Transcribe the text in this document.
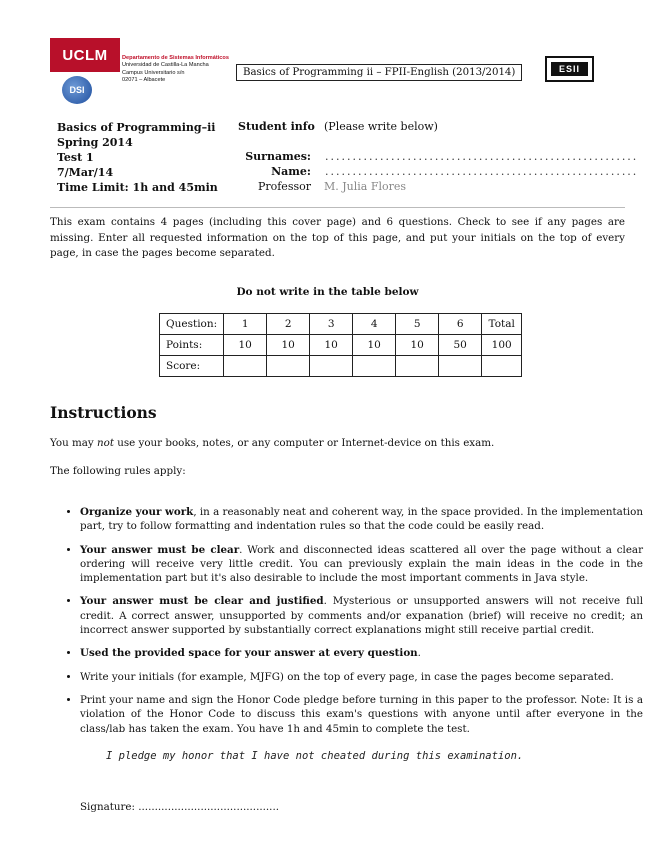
UCLM
DSI
Departamento de Sistemas Informáticos
Universidad de Castilla-La Mancha
Campus Universitario s/n
02071 – Albacete
Basics of Programming ii – FPII-English (2013/2014)	ESII
Basics of Programming–ii
Spring 2014
Test 1
7/Mar/14
Time Limit: 1h and 45min
Student info (Please write below)
Surnames: .........................................................
Name: .........................................................
Professor M. Julia Flores
This exam contains 4 pages (including this cover page) and 6 questions. Check to see if any pages are missing. Enter all requested information on the top of this page, and put your initials on the top of every page, in case the pages become separated.
Do not write in the table below
Question:	1	2	3	4	5	6	Total
Points:	10	10	10	10	10	50	100
Score:							
Instructions
You may not use your books, notes, or any computer or Internet-device on this exam.
The following rules apply:
• Organize your work, in a reasonably neat and coherent way, in the space provided. In the implementation part, try to follow formatting and indentation rules so that the code could be easily read.
• Your answer must be clear. Work and disconnected ideas scattered all over the page without a clear ordering will receive very little credit. You can previously explain the main ideas in the code in the implementation part but it's also desirable to include the most important comments in Java style.
• Your answer must be clear and justified. Mysterious or unsupported answers will not receive full credit. A correct answer, unsupported by comments and/or expanation (brief) will receive no credit; an incorrect answer supported by substantially correct explanations might still receive partial credit.
• Used the provided space for your answer at every question.
• Write your initials (for example, MJFG) on the top of every page, in case the pages become separated.
• Print your name and sign the Honor Code pledge before turning in this paper to the professor. Note: It is a violation of the Honor Code to discuss this exam's questions with anyone until after everyone in the class/lab has taken the exam. You have 1h and 45min to complete the test.
I pledge my honor that I have not cheated during this examination.
Signature: ...........................................
